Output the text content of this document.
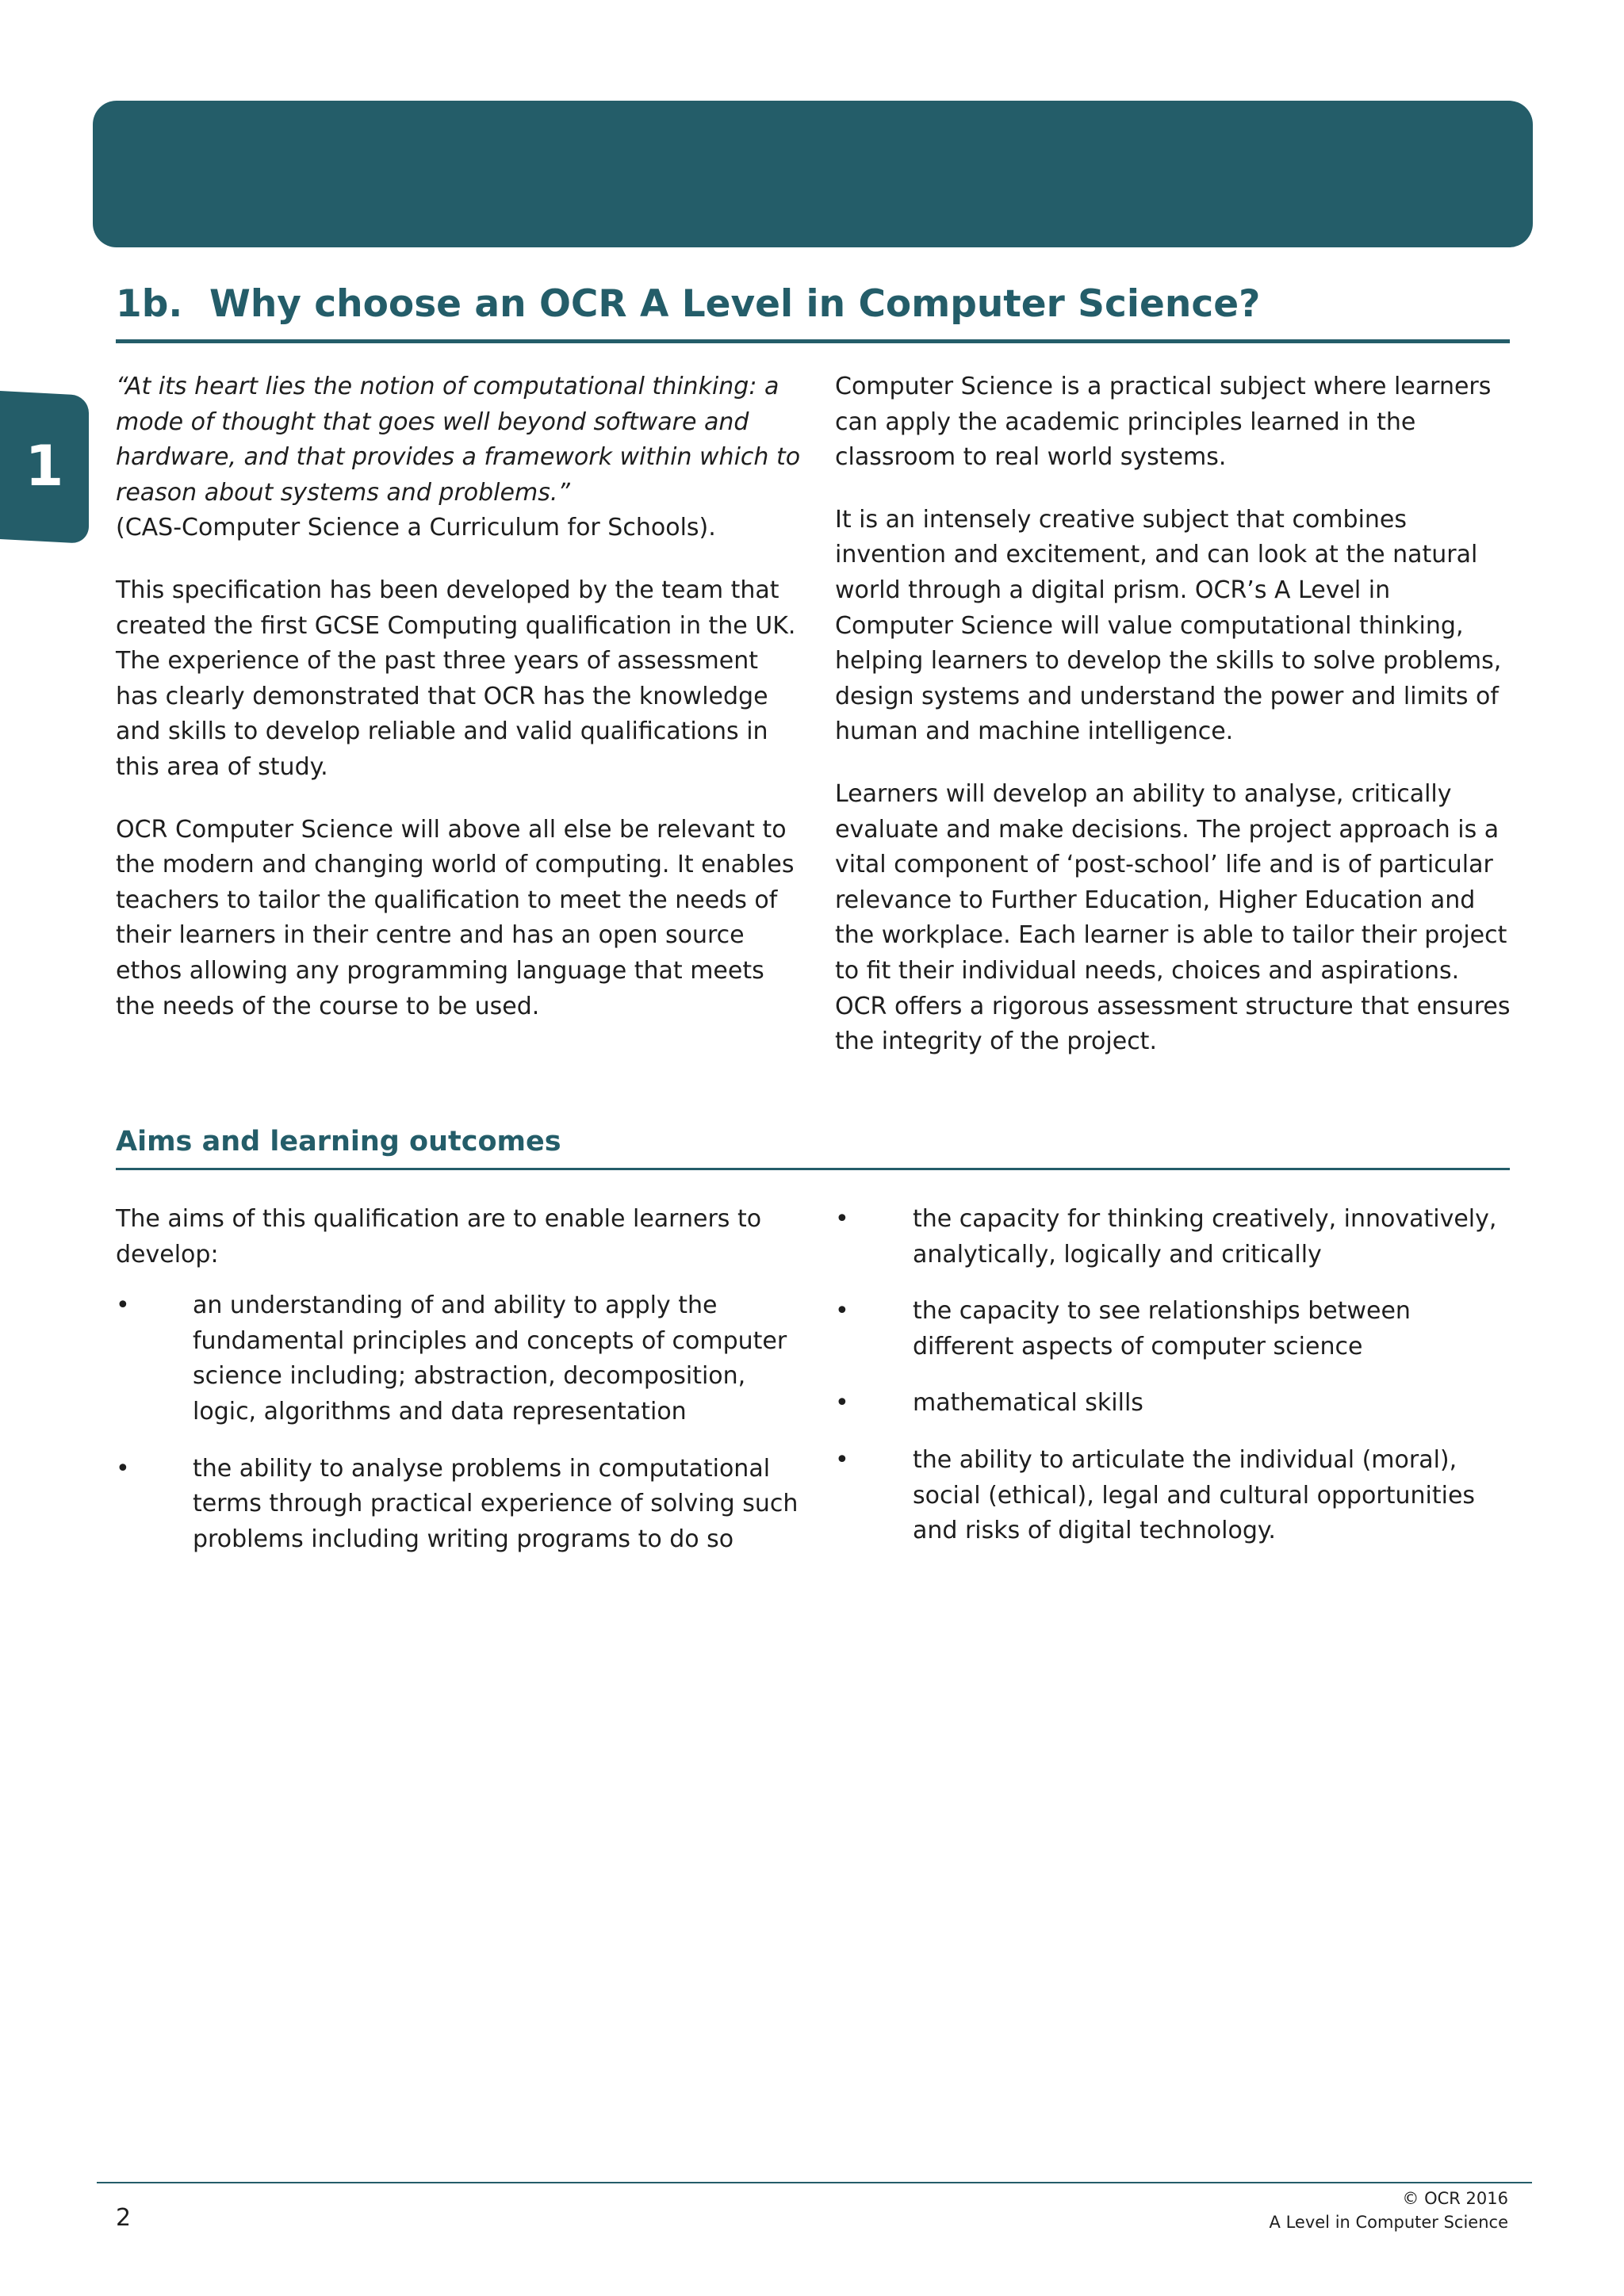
1
1b. Why choose an OCR A Level in Computer Science?

“At its heart lies the notion of computational thinking: a mode of thought that goes well beyond software and hardware, and that provides a framework within which to reason about systems and problems.”

(CAS-Computer Science a Curriculum for Schools).

This specification has been developed by the team that created the first GCSE Computing qualification in the UK. The experience of the past three years of assessment has clearly demonstrated that OCR has the knowledge and skills to develop reliable and valid qualifications in this area of study.

OCR Computer Science will above all else be relevant to the modern and changing world of computing. It enables teachers to tailor the qualification to meet the needs of their learners in their centre and has an open source ethos allowing any programming language that meets the needs of the course to be used.

Computer Science is a practical subject where learners can apply the academic principles learned in the classroom to real world systems.

It is an intensely creative subject that combines invention and excitement, and can look at the natural world through a digital prism. OCR’s A Level in Computer Science will value computational thinking, helping learners to develop the skills to solve problems, design systems and understand the power and limits of human and machine intelligence.

Learners will develop an ability to analyse, critically evaluate and make decisions. The project approach is a vital component of ‘post-school’ life and is of particular relevance to Further Education, Higher Education and the workplace. Each learner is able to tailor their project to fit their individual needs, choices and aspirations. OCR offers a rigorous assessment structure that ensures the integrity of the project.

Aims and learning outcomes

The aims of this qualification are to enable learners to develop:

•	an understanding of and ability to apply the fundamental principles and concepts of computer science including; abstraction, decomposition, logic, algorithms and data representation
•	the ability to analyse problems in computational terms through practical experience of solving such problems including writing programs to do so
•	the capacity for thinking creatively, innovatively, analytically, logically and critically
•	the capacity to see relationships between different aspects of computer science
•	mathematical skills
•	the ability to articulate the individual (moral), social (ethical), legal and cultural opportunities and risks of digital technology.
2
© OCR 2016
A Level in Computer Science
